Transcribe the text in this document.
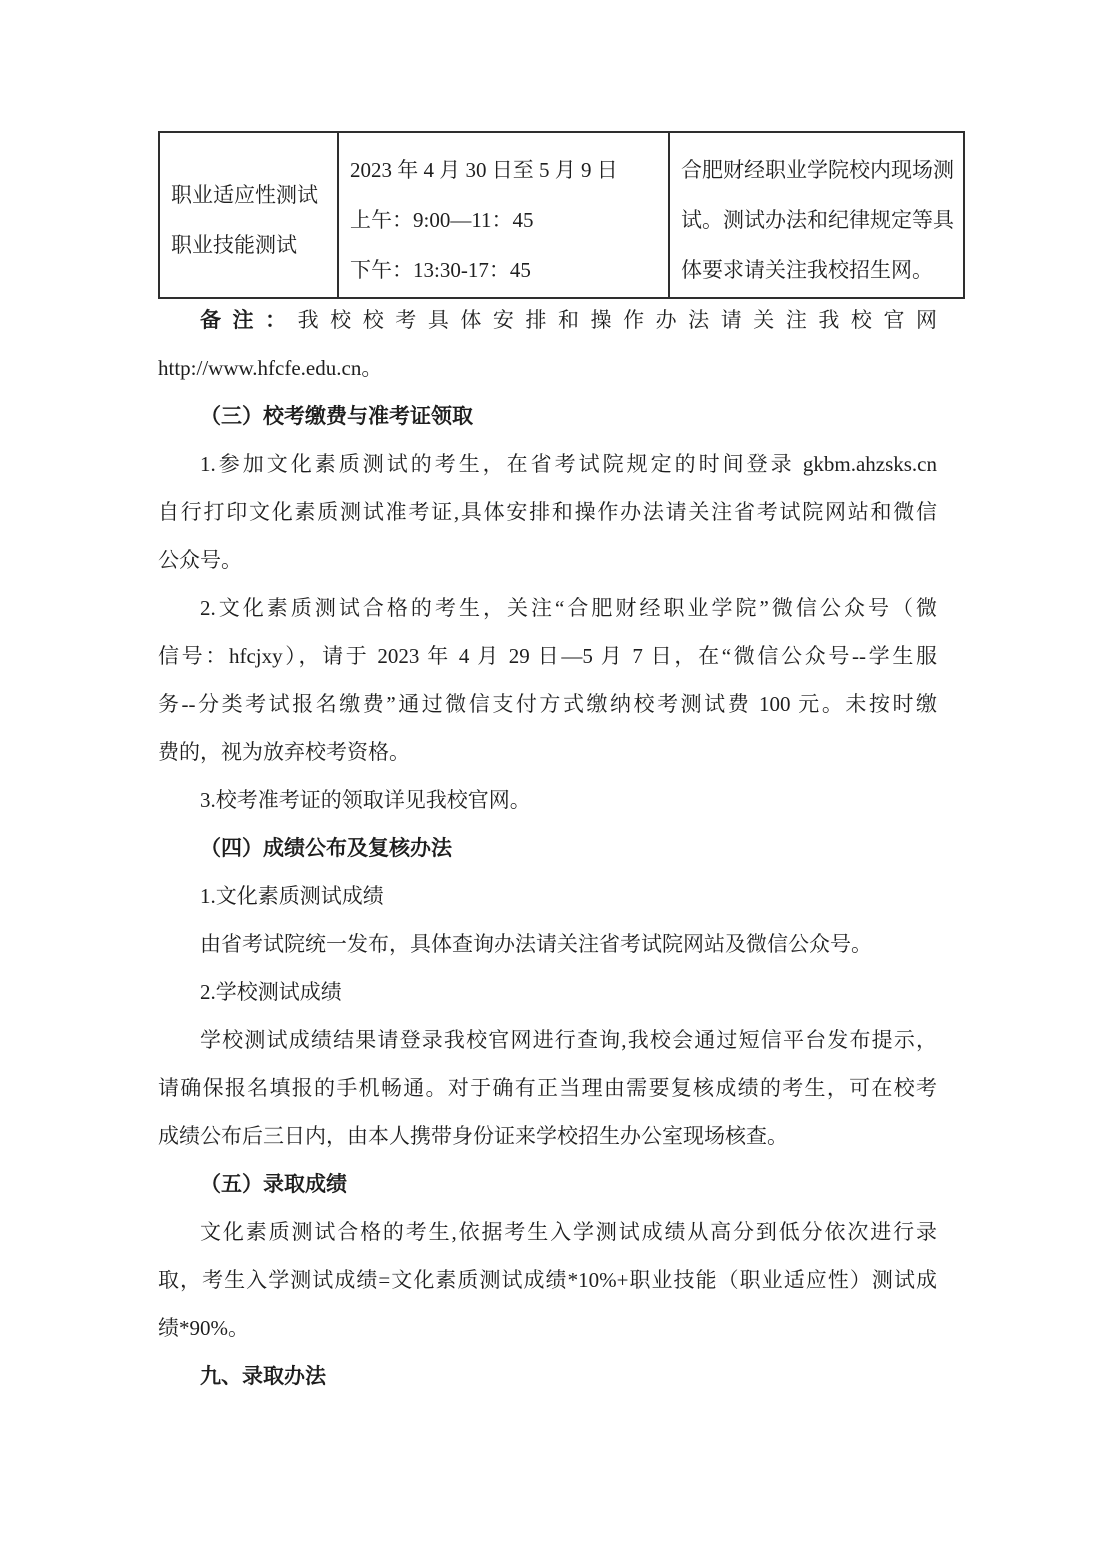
职业适应性测试
职业技能测试

2023 年 4 月 30 日至 5 月 9 日
上午：9:00—11：45
下午：13:30-17：45

合肥财经职业学院校内现场测
试。测试办法和纪律规定等具
体要求请关注我校招生网。
备注：我校校考具体安排和操作办法请关注我校官网
http://www.hfcfe.edu.cn。
（三）校考缴费与准考证领取
1.参加文化素质测试的考生，在省考试院规定的时间登录 gkbm.ahzsks.cn
自行打印文化素质测试准考证,具体安排和操作办法请关注省考试院网站和微信
公众号。
2.文化素质测试合格的考生，关注“合肥财经职业学院”微信公众号（微
信号：hfcjxy），请于 2023 年 4 月 29 日—5 月 7 日，在“微信公众号--学生服
务--分类考试报名缴费”通过微信支付方式缴纳校考测试费 100 元。未按时缴
费的，视为放弃校考资格。
3.校考准考证的领取详见我校官网。
（四）成绩公布及复核办法
1.文化素质测试成绩
由省考试院统一发布，具体查询办法请关注省考试院网站及微信公众号。
2.学校测试成绩
学校测试成绩结果请登录我校官网进行查询,我校会通过短信平台发布提示，
请确保报名填报的手机畅通。对于确有正当理由需要复核成绩的考生，可在校考
成绩公布后三日内，由本人携带身份证来学校招生办公室现场核查。
（五）录取成绩
文化素质测试合格的考生,依据考生入学测试成绩从高分到低分依次进行录
取，考生入学测试成绩=文化素质测试成绩*10%+职业技能（职业适应性）测试成
绩*90%。
九、录取办法
